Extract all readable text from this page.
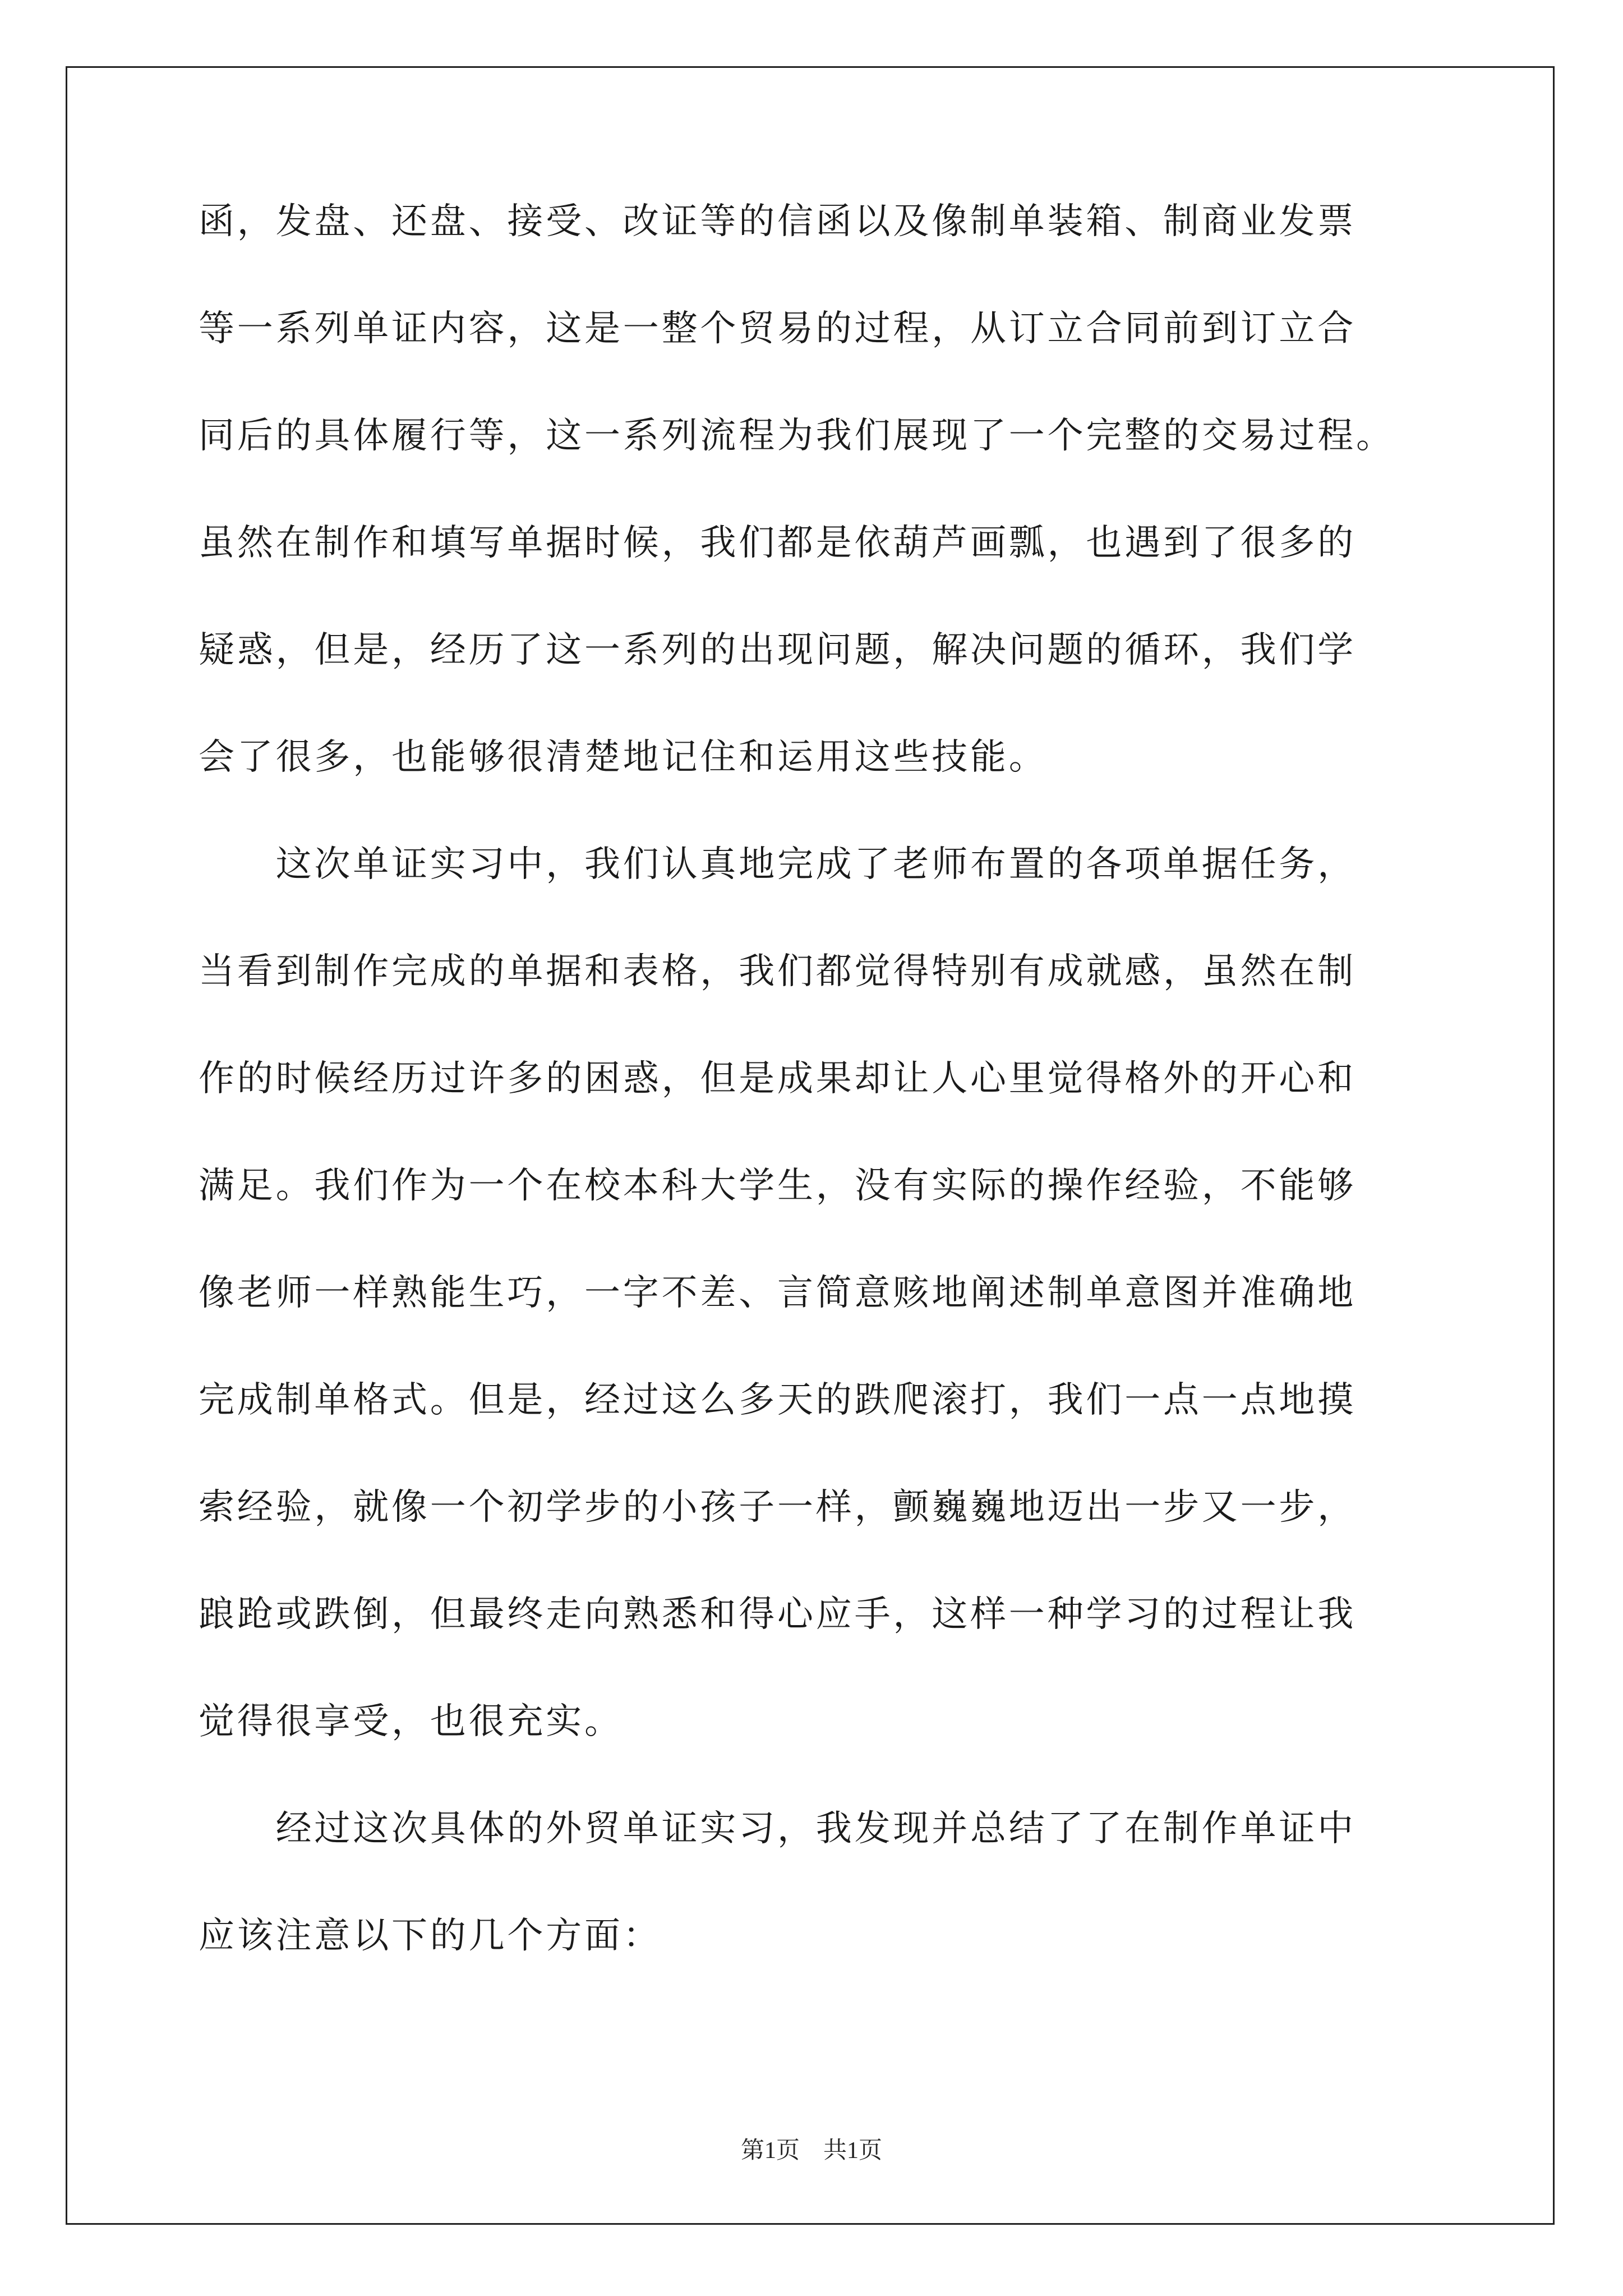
函，发盘、还盘、接受、改证等的信函以及像制单装箱、制商业发票
等一系列单证内容，这是一整个贸易的过程，从订立合同前到订立合
同后的具体履行等，这一系列流程为我们展现了一个完整的交易过程。
虽然在制作和填写单据时候，我们都是依葫芦画瓢，也遇到了很多的
疑惑，但是，经历了这一系列的出现问题，解决问题的循环，我们学
会了很多，也能够很清楚地记住和运用这些技能。
　　这次单证实习中，我们认真地完成了老师布置的各项单据任务，
当看到制作完成的单据和表格，我们都觉得特别有成就感，虽然在制
作的时候经历过许多的困惑，但是成果却让人心里觉得格外的开心和
满足。我们作为一个在校本科大学生，没有实际的操作经验，不能够
像老师一样熟能生巧，一字不差、言简意赅地阐述制单意图并准确地
完成制单格式。但是，经过这么多天的跌爬滚打，我们一点一点地摸
索经验，就像一个初学步的小孩子一样，颤巍巍地迈出一步又一步，
踉跄或跌倒，但最终走向熟悉和得心应手，这样一种学习的过程让我
觉得很享受，也很充实。
　　经过这次具体的外贸单证实习，我发现并总结了了在制作单证中
应该注意以下的几个方面：
第1页　共1页
